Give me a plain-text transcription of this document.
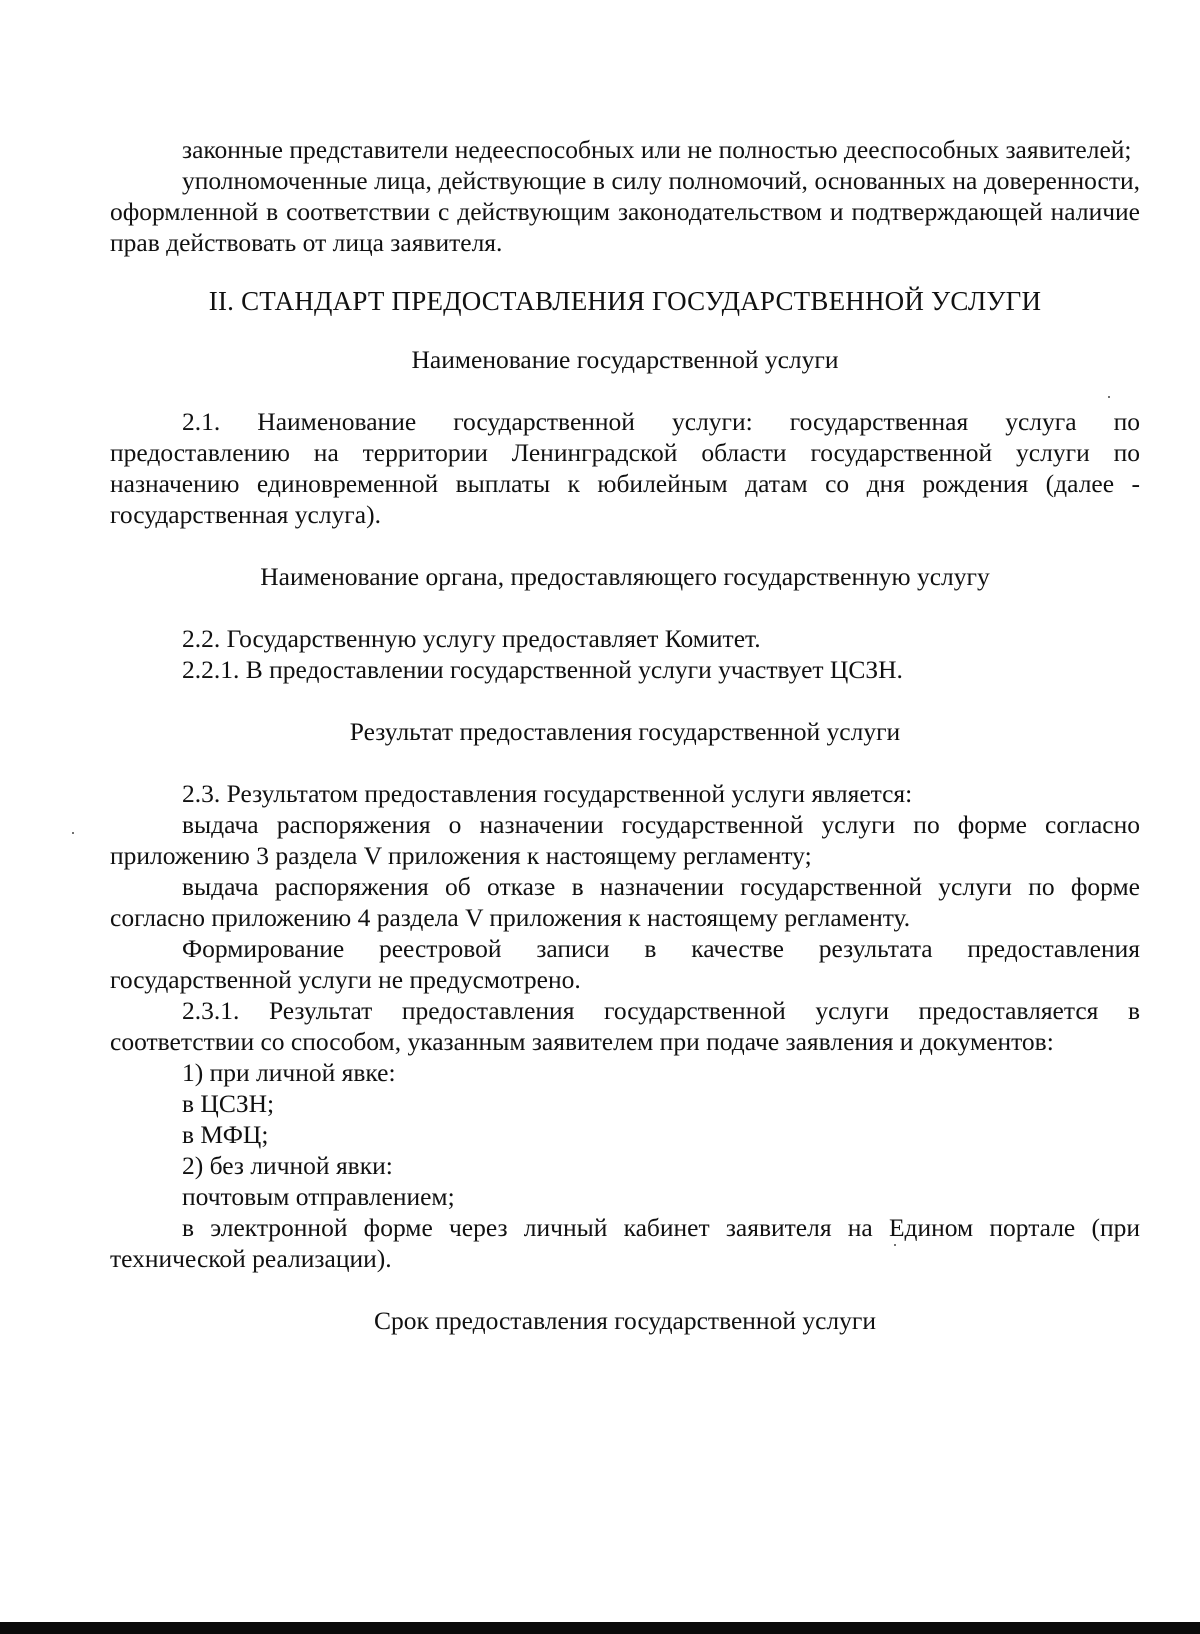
законные представители недееспособных или не полностью дееспособных заявителей;

уполномоченные лица, действующие в силу полномочий, основанных на доверенности, оформленной в соответствии с действующим законодательством и подтверждающей наличие прав действовать от лица заявителя.

II. СТАНДАРТ ПРЕДОСТАВЛЕНИЯ ГОСУДАРСТВЕННОЙ УСЛУГИ

Наименование государственной услуги

2.1. Наименование государственной услуги: государственная услуга по предоставлению на территории Ленинградской области государственной услуги по назначению единовременной выплаты к юбилейным датам со дня рождения (далее - государственная услуга).

Наименование органа, предоставляющего государственную услугу

2.2. Государственную услугу предоставляет Комитет.

2.2.1. В предоставлении государственной услуги участвует ЦСЗН.

Результат предоставления государственной услуги

2.3. Результатом предоставления государственной услуги является:

выдача распоряжения о назначении государственной услуги по форме согласно приложению 3 раздела V приложения к настоящему регламенту;

выдача распоряжения об отказе в назначении государственной услуги по форме согласно приложению 4 раздела V приложения к настоящему регламенту.

Формирование реестровой записи в качестве результата предоставления государственной услуги не предусмотрено.

2.3.1. Результат предоставления государственной услуги предоставляется в соответствии со способом, указанным заявителем при подаче заявления и документов:

1) при личной явке:

в ЦСЗН;

в МФЦ;

2) без личной явки:

почтовым отправлением;

в электронной форме через личный кабинет заявителя на Едином портале (при технической реализации).

Срок предоставления государственной услуги
